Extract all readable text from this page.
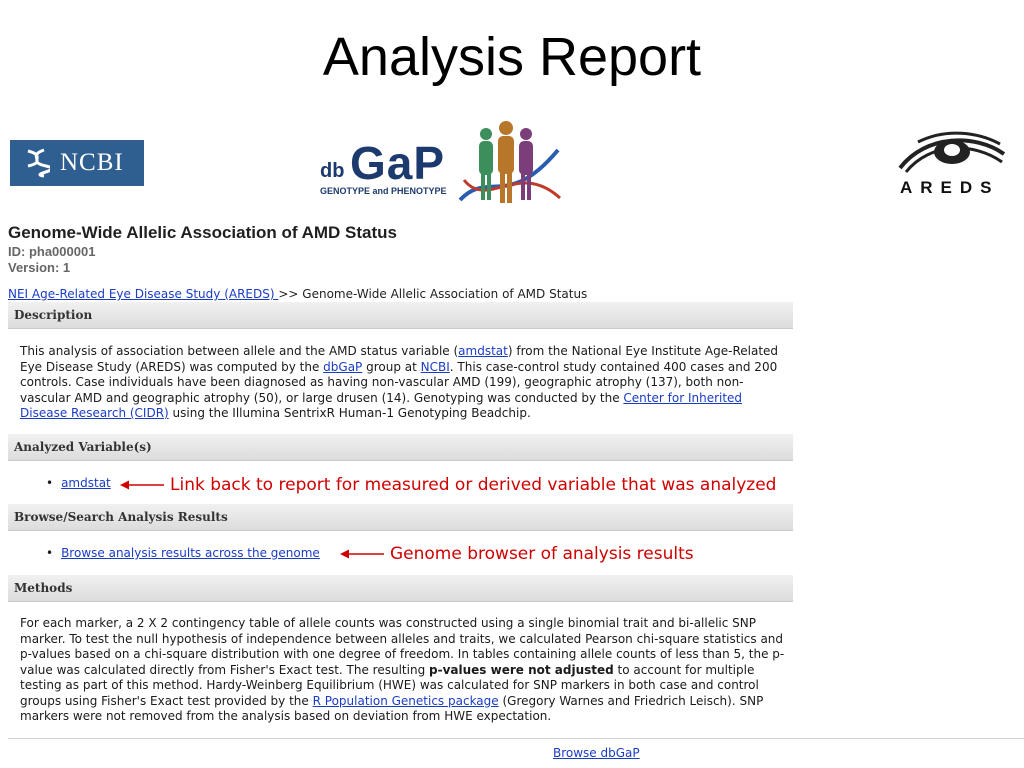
Analysis Report
NCBI	db GaP
GENOTYPE and PHENOTYPE	AREDS
Genome-Wide Allelic Association of AMD Status
ID: pha000001
Version: 1
NEI Age-Related Eye Disease Study (AREDS) >> Genome-Wide Allelic Association of AMD Status
Description
This analysis of association between allele and the AMD status variable (amdstat) from the National Eye Institute Age-Related Eye Disease Study (AREDS) was computed by the dbGaP group at NCBI. This case-control study contained 400 cases and 200 controls. Case individuals have been diagnosed as having non-vascular AMD (199), geographic atrophy (137), both non-vascular AMD and geographic atrophy (50), or large drusen (14). Genotyping was conducted by the Center for Inherited Disease Research (CIDR) using the Illumina SentrixR Human-1 Genotyping Beadchip.
Analyzed Variable(s)
• amdstat	Link back to report for measured or derived variable that was analyzed
Browse/Search Analysis Results
• Browse analysis results across the genome	Genome browser of analysis results
Methods
For each marker, a 2 X 2 contingency table of allele counts was constructed using a single binomial trait and bi-allelic SNP marker. To test the null hypothesis of independence between alleles and traits, we calculated Pearson chi-square statistics and p-values based on a chi-square distribution with one degree of freedom. In tables containing allele counts of less than 5, the p-value was calculated directly from Fisher's Exact test. The resulting p-values were not adjusted to account for multiple testing as part of this method. Hardy-Weinberg Equilibrium (HWE) was calculated for SNP markers in both case and control groups using Fisher's Exact test provided by the R Population Genetics package (Gregory Warnes and Friedrich Leisch). SNP markers were not removed from the analysis based on deviation from HWE expectation.
Browse dbGaP
